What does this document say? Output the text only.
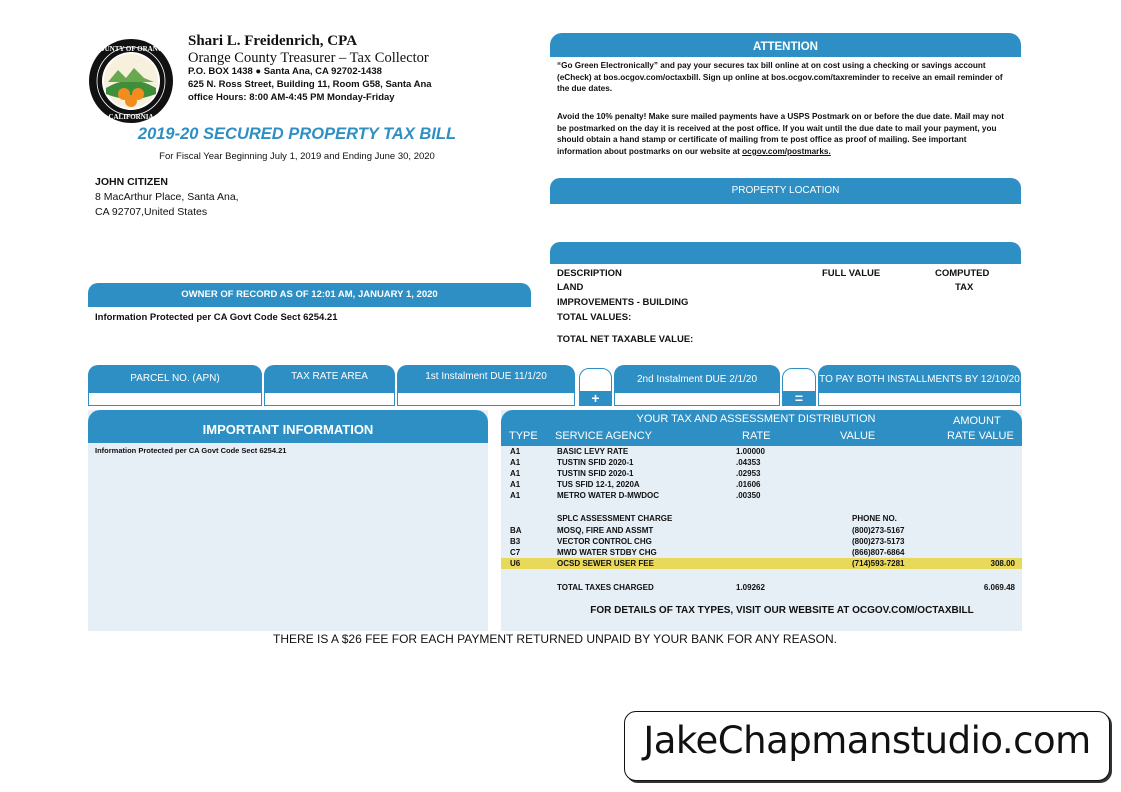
COUNTY OF ORANGE
CALIFORNIA
Shari L. Freidenrich, CPA
Orange County Treasurer – Tax Collector
P.O. BOX 1438 ● Santa Ana, CA 92702-1438
625 N. Ross Street, Building 11, Room G58, Santa Ana
office Hours: 8:00 AM-4:45 PM Monday-Friday
2019-20 SECURED PROPERTY TAX BILL
For Fiscal Year Beginning July 1, 2019 and Ending June 30, 2020
JOHN CITIZEN
8 MacArthur Place, Santa Ana,
CA 92707,United States
ATTENTION
“Go Green Electronically” and pay your secures tax bill online at on cost using a checking or savings account (eCheck) at bos.ocgov.com/octaxbill. Sign up online at bos.ocgov.com/taxreminder to receive an email reminder of the due dates.
Avoid the 10% penalty! Make sure mailed payments have a USPS Postmark on or before the due date. Mail may not be postmarked on the day it is received at the post office. If you wait until the due date to mail your payment, you should obtain a hand stamp or certificate of mailing from te post office as proof of mailing. See important information about postmarks on our website at ocgov.com/postmarks.
PROPERTY LOCATION
DESCRIPTION	FULL VALUE	COMPUTED
TAX
LAND
IMPROVEMENTS - BUILDING
TOTAL VALUES:
TOTAL NET TAXABLE VALUE:
OWNER OF RECORD AS OF 12:01 AM, JANUARY 1, 2020
Information Protected per CA Govt Code Sect 6254.21
PARCEL NO. (APN)	TAX RATE AREA	1st Instalment DUE 11/1/20
+
2nd Instalment DUE 2/1/20
=
TO PAY BOTH INSTALLMENTS BY 12/10/20
IMPORTANT INFORMATION
Information Protected per CA Govt Code Sect 6254.21
YOUR TAX AND ASSESSMENT DISTRIBUTION	AMOUNT
TYPE SERVICE AGENCY	RATE	VALUE	RATE VALUE
A1	BASIC LEVY RATE	1.00000
A1	TUSTIN SFID 2020-1	.04353
A1	TUSTIN SFID 2020-1	.02953
A1	TUS SFID 12-1, 2020A	.01606
A1	METRO WATER D-MWDOC	.00350
SPLC ASSESSMENT CHARGE	PHONE NO.
BA	MOSQ, FIRE AND ASSMT	(800)273-5167
B3	VECTOR CONTROL CHG	(800)273-5173
C7	MWD WATER STDBY CHG	(866)807-6864
U6	OCSD SEWER USER FEE	(714)593-7281	308.00
TOTAL TAXES CHARGED	1.09262	6.069.48
FOR DETAILS OF TAX TYPES, VISIT OUR WEBSITE AT OCGOV.COM/OCTAXBILL
THERE IS A $26 FEE FOR EACH PAYMENT RETURNED UNPAID BY YOUR BANK FOR ANY REASON.
JakeChapmanstudio.com
